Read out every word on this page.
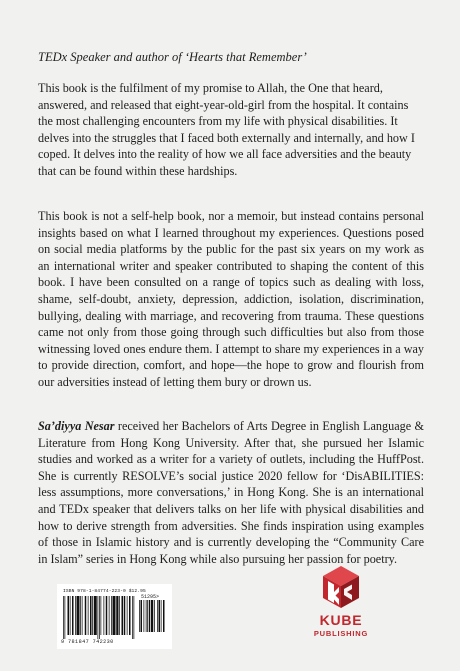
TEDx Speaker and author of ‘Hearts that Remember’

This book is the fulfilment of my promise to Allah, the One that heard, answered, and released that eight-year-old-girl from the hospital. It contains the most challenging encounters from my life with physical disabilities. It delves into the struggles that I faced both externally and internally, and how I coped. It delves into the reality of how we all face adversities and the beauty that can be found within these hardships.

This book is not a self-help book, nor a memoir, but instead contains personal insights based on what I learned throughout my experiences. Questions posed on social media platforms by the public for the past six years on my work as an international writer and speaker contributed to shaping the content of this book. I have been consulted on a range of topics such as dealing with loss, shame, self-doubt, anxiety, depression, addiction, isolation, discrimination, bullying, dealing with marriage, and recovering from trauma. These questions came not only from those going through such difficulties but also from those witnessing loved ones endure them. I attempt to share my experiences in a way to provide direction, comfort, and hope—the hope to grow and flourish from our adversities instead of letting them bury or drown us.

Sa’diyya Nesar received her Bachelors of Arts Degree in English Language & Literature from Hong Kong University. After that, she pursued her Islamic studies and worked as a writer for a variety of outlets, including the HuffPost. She is currently RESOLVE’s social justice 2020 fellow for ‘DisABILITIES: less assumptions, more conversations,’ in Hong Kong. She is an international and TEDx speaker that delivers talks on her life with physical disabilities and how to derive strength from adversities. She finds inspiration using examples of those in Islamic history and is currently developing the “Community Care in Islam” series in Hong Kong while also pursuing her passion for poetry.

ISBN 978-1-84774-223-0 $12.95
51295>
9 781847 742230
KUBE
PUBLISHING
